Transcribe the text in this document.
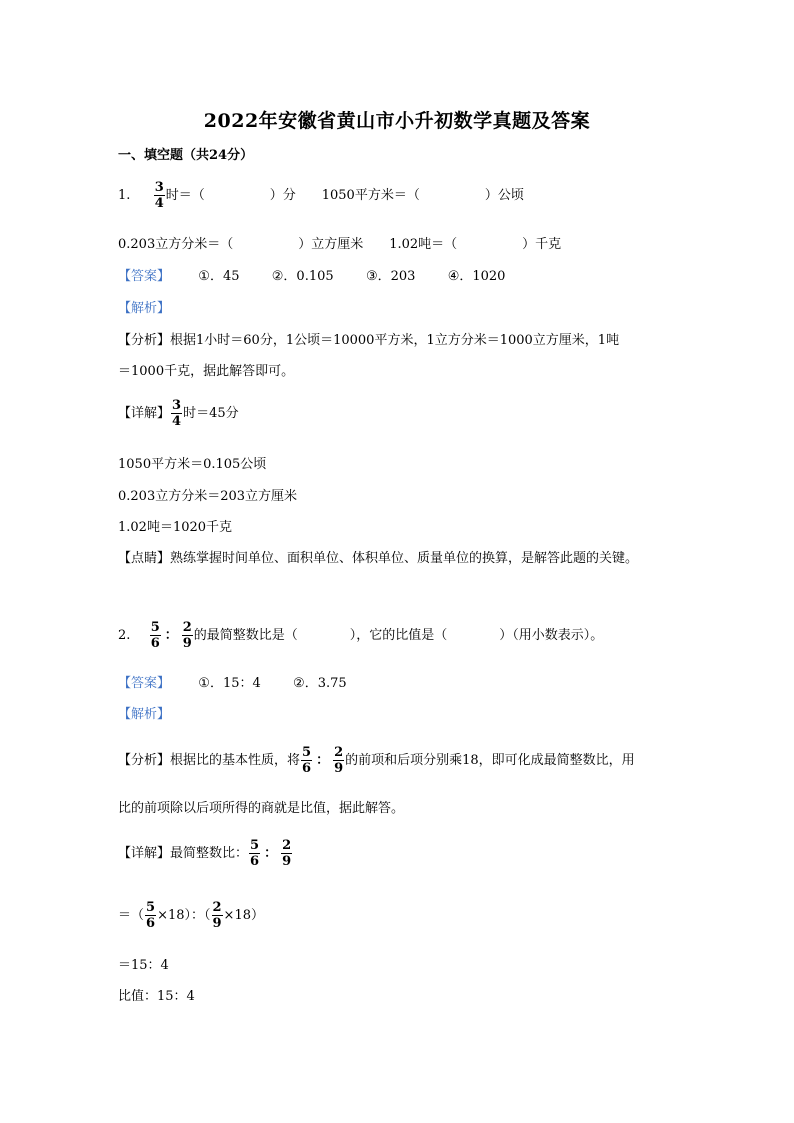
2022年安徽省黄山市小升初数学真题及答案
一、填空题（共24分）
1. $\frac{3}{4}$ 时＝（　　　　　）分　　1050平方米＝（　　　　　）公顷
0.203立方分米＝（　　　　　）立方厘米　　1.02吨＝（　　　　　）千克
【答案】 ①．45 ②．0.105 ③．203 ④．1020
【解析】
【分析】根据1小时＝60分，1公顷＝10000平方米，1立方分米＝1000立方厘米，1吨
＝1000千克，据此解答即可。
【详解】 $\frac{3}{4}$ 时＝45分
1050平方米＝0.105公顷
0.203立方分米＝203立方厘米
1.02吨＝1020千克
【点睛】熟练掌握时间单位、面积单位、体积单位、质量单位的换算，是解答此题的关键。
2. $\frac{5}{6}$ ： $\frac{2}{9}$ 的最简整数比是（　　　　），它的比值是（　　　　）（用小数表示）。
【答案】 ①．15：4 ②．3.75
【解析】
【分析】根据比的基本性质，将 $\frac{5}{6}$ ： $\frac{2}{9}$ 的前项和后项分别乘18，即可化成最简整数比，用
比的前项除以后项所得的商就是比值，据此解答。
【详解】最简整数比： $\frac{5}{6}$ ： $\frac{2}{9}$
＝（ $\frac{5}{6} \times 18$）：（ $\frac{2}{9} \times 18$）
＝15：4
比值：15：4
